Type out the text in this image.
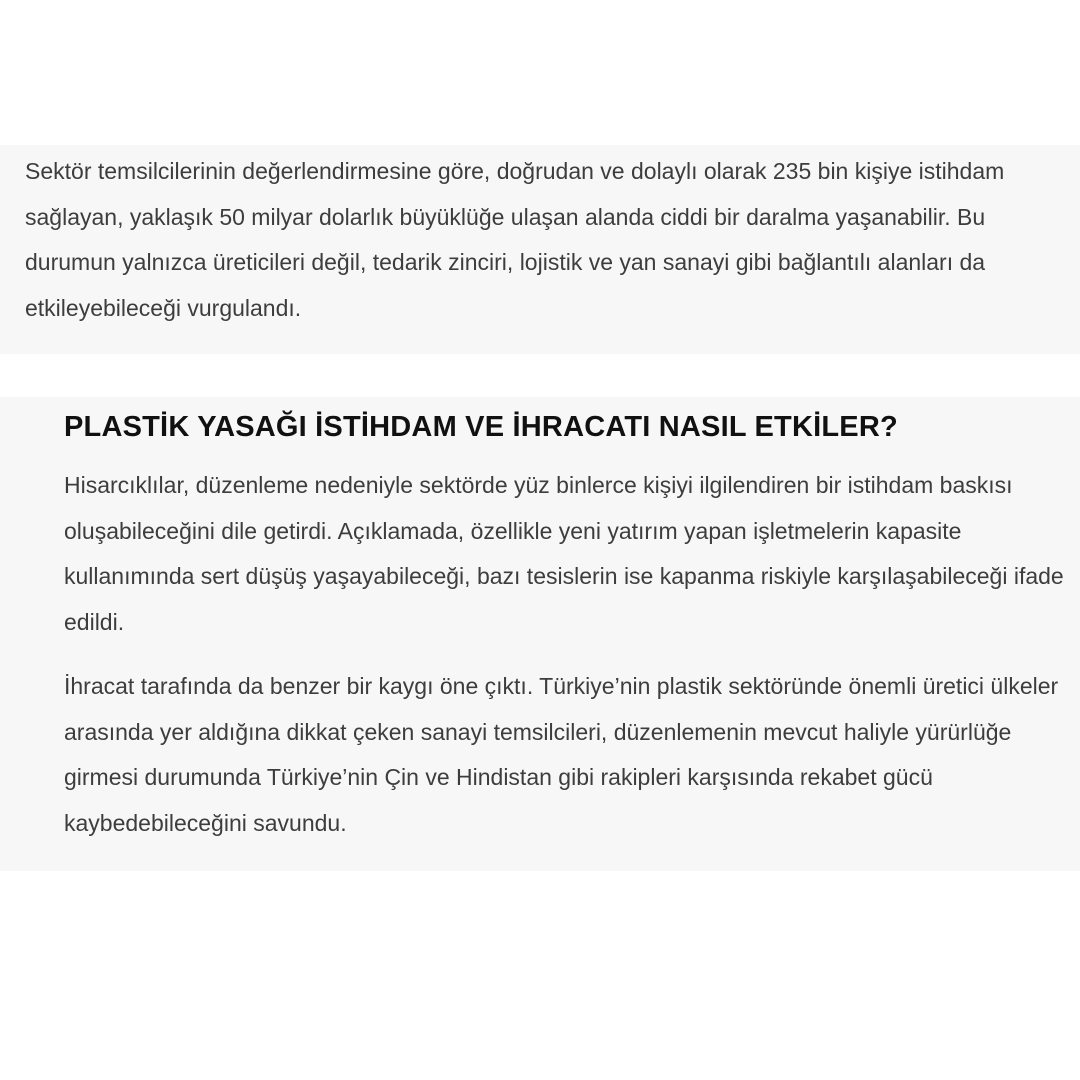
Sektör temsilcilerinin değerlendirmesine göre, doğrudan ve dolaylı olarak 235 bin kişiye istihdam sağlayan, yaklaşık 50 milyar dolarlık büyüklüğe ulaşan alanda ciddi bir daralma yaşanabilir. Bu durumun yalnızca üreticileri değil, tedarik zinciri, lojistik ve yan sanayi gibi bağlantılı alanları da etkileyebileceği vurgulandı.

PLASTİK YASAĞI İSTİHDAM VE İHRACATI NASIL ETKİLER?

Hisarcıklılar, düzenleme nedeniyle sektörde yüz binlerce kişiyi ilgilendiren bir istihdam baskısı oluşabileceğini dile getirdi. Açıklamada, özellikle yeni yatırım yapan işletmelerin kapasite kullanımında sert düşüş yaşayabileceği, bazı tesislerin ise kapanma riskiyle karşılaşabileceği ifade edildi.

İhracat tarafında da benzer bir kaygı öne çıktı. Türkiye’nin plastik sektöründe önemli üretici ülkeler arasında yer aldığına dikkat çeken sanayi temsilcileri, düzenlemenin mevcut haliyle yürürlüğe girmesi durumunda Türkiye’nin Çin ve Hindistan gibi rakipleri karşısında rekabet gücü kaybedebileceğini savundu.
